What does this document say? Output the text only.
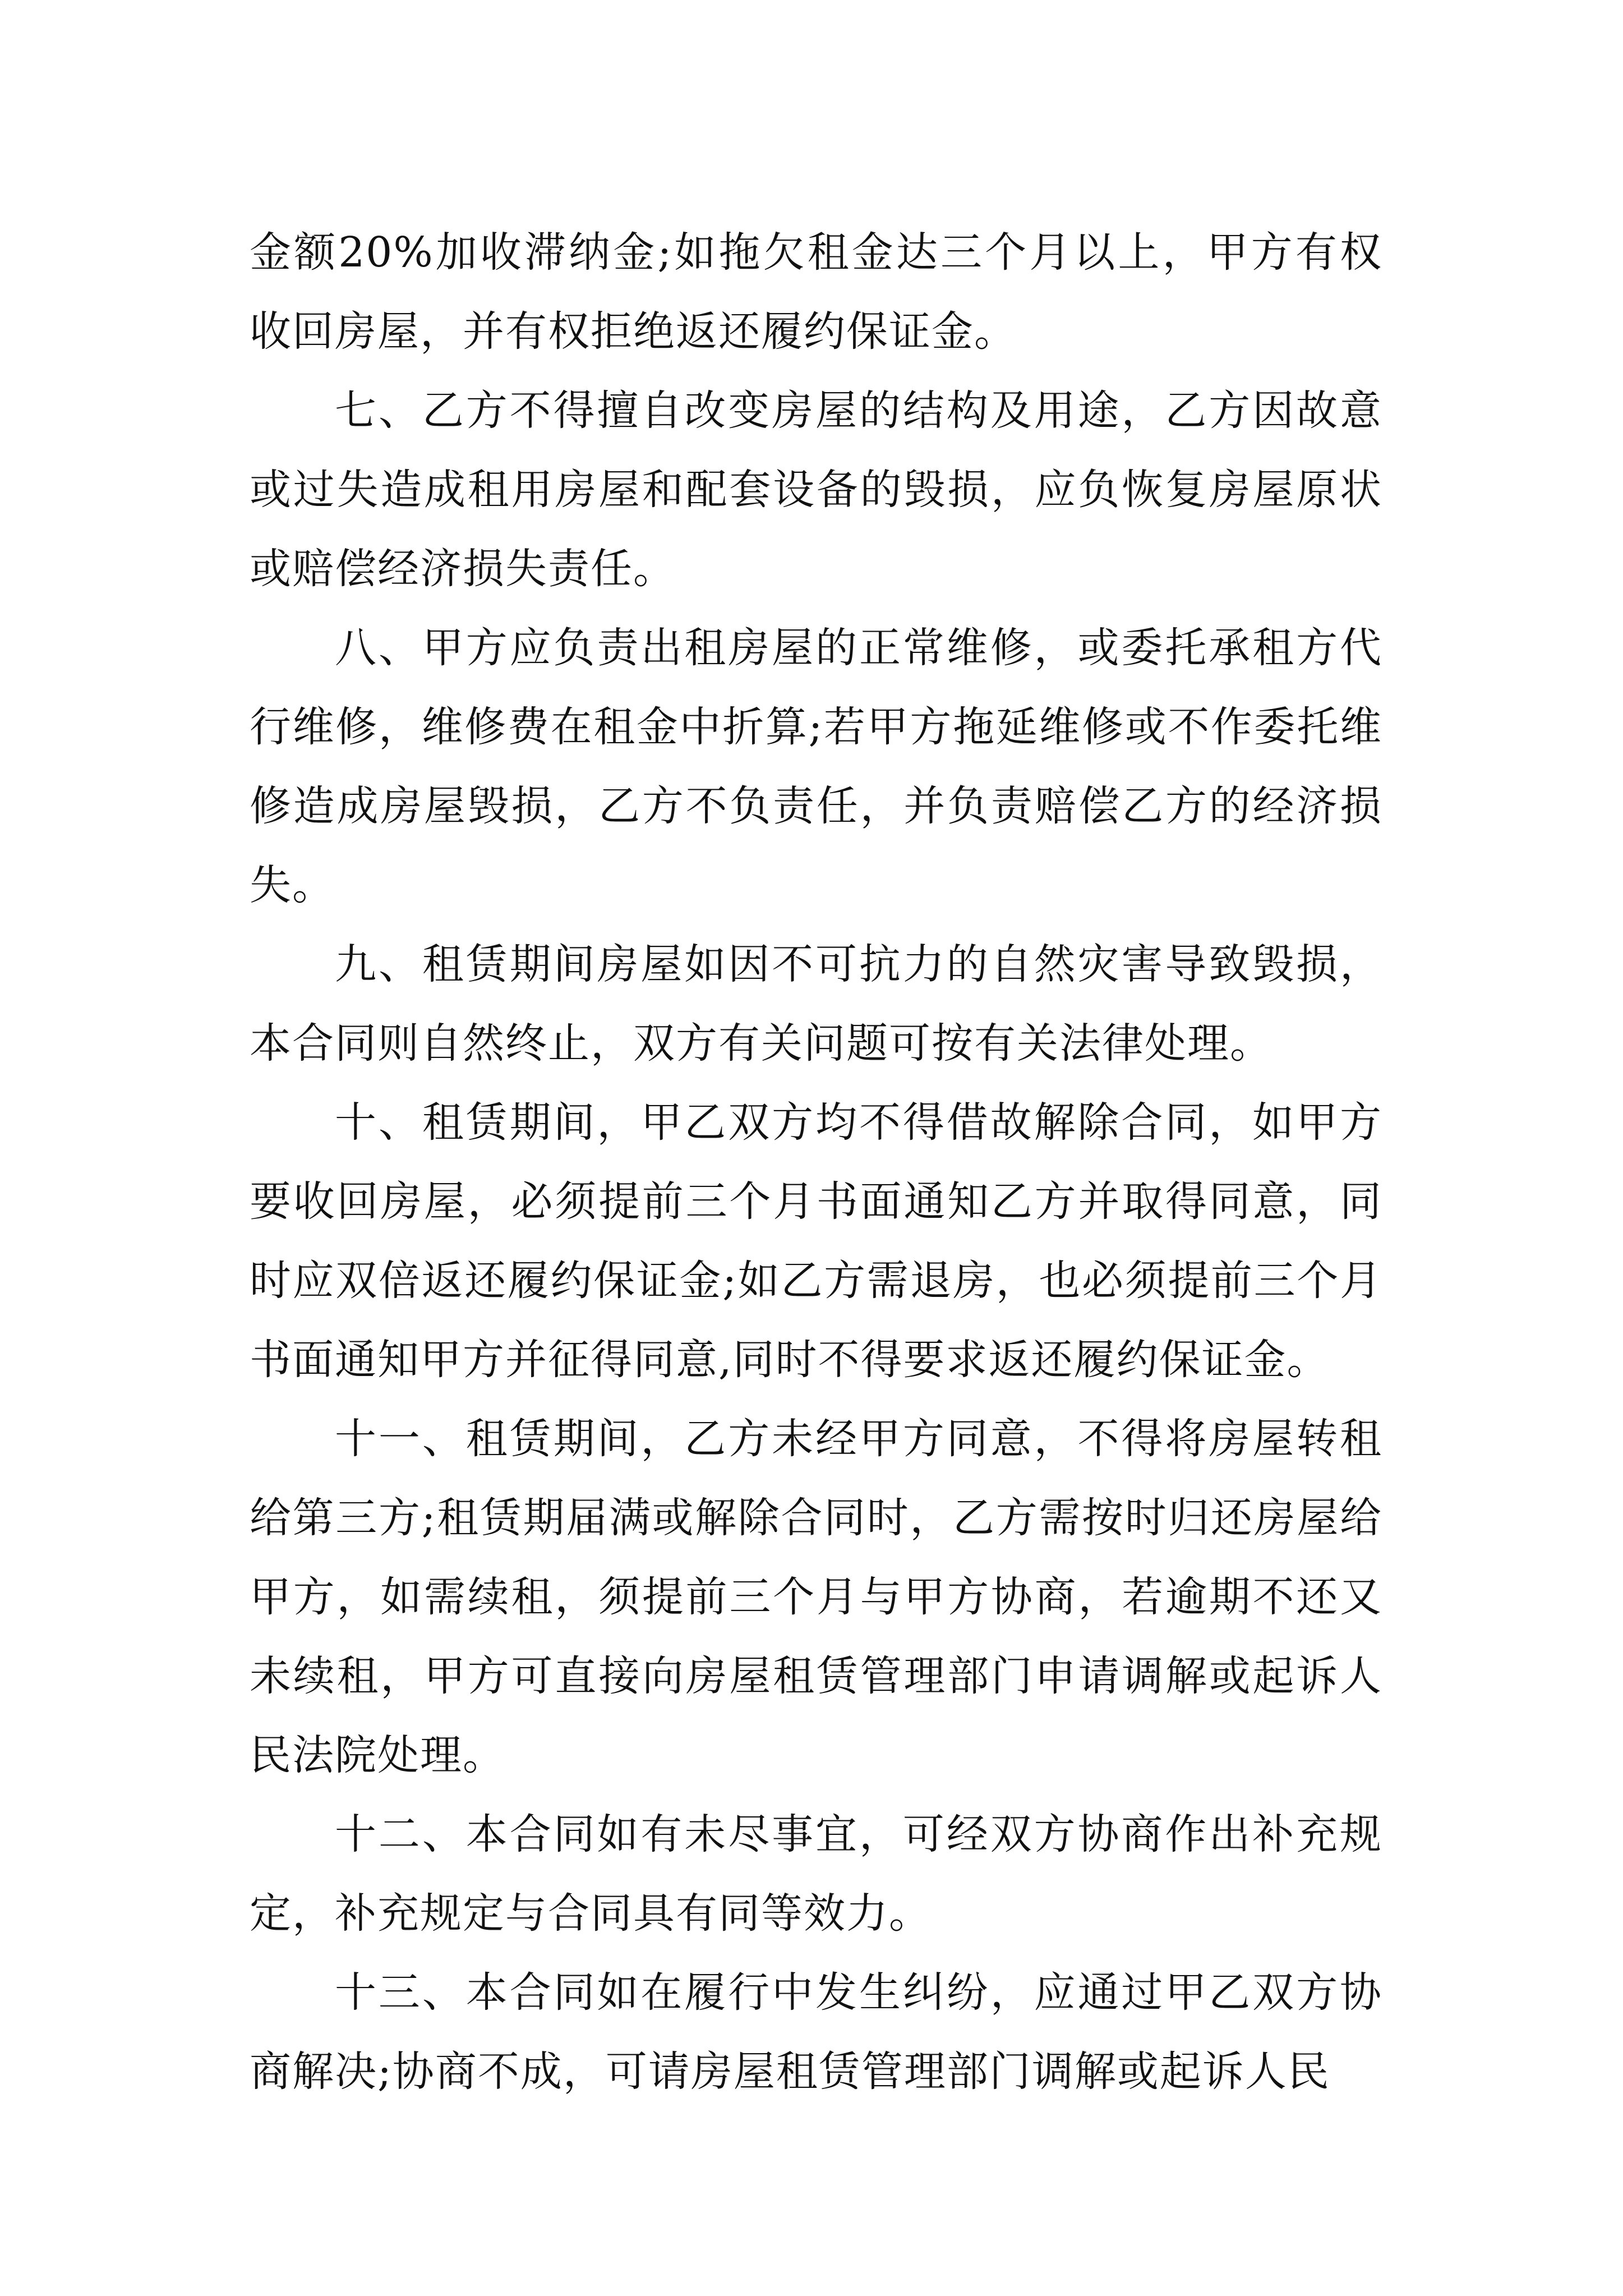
金额20%加收滞纳金;如拖欠租金达三个月以上，甲方有权收回房屋，并有权拒绝返还履约保证金。

七、乙方不得擅自改变房屋的结构及用途，乙方因故意或过失造成租用房屋和配套设备的毁损，应负恢复房屋原状或赔偿经济损失责任。

八、甲方应负责出租房屋的正常维修，或委托承租方代行维修，维修费在租金中折算;若甲方拖延维修或不作委托维修造成房屋毁损，乙方不负责任，并负责赔偿乙方的经济损失。

九、租赁期间房屋如因不可抗力的自然灾害导致毁损，本合同则自然终止，双方有关问题可按有关法律处理。

十、租赁期间，甲乙双方均不得借故解除合同，如甲方要收回房屋，必须提前三个月书面通知乙方并取得同意，同时应双倍返还履约保证金;如乙方需退房，也必须提前三个月书面通知甲方并征得同意,同时不得要求返还履约保证金。

十一、租赁期间，乙方未经甲方同意，不得将房屋转租给第三方;租赁期届满或解除合同时，乙方需按时归还房屋给甲方，如需续租，须提前三个月与甲方协商，若逾期不还又未续租，甲方可直接向房屋租赁管理部门申请调解或起诉人民法院处理。

十二、本合同如有未尽事宜，可经双方协商作出补充规定，补充规定与合同具有同等效力。

十三、本合同如在履行中发生纠纷，应通过甲乙双方协商解决;协商不成，可请房屋租赁管理部门调解或起诉人民
